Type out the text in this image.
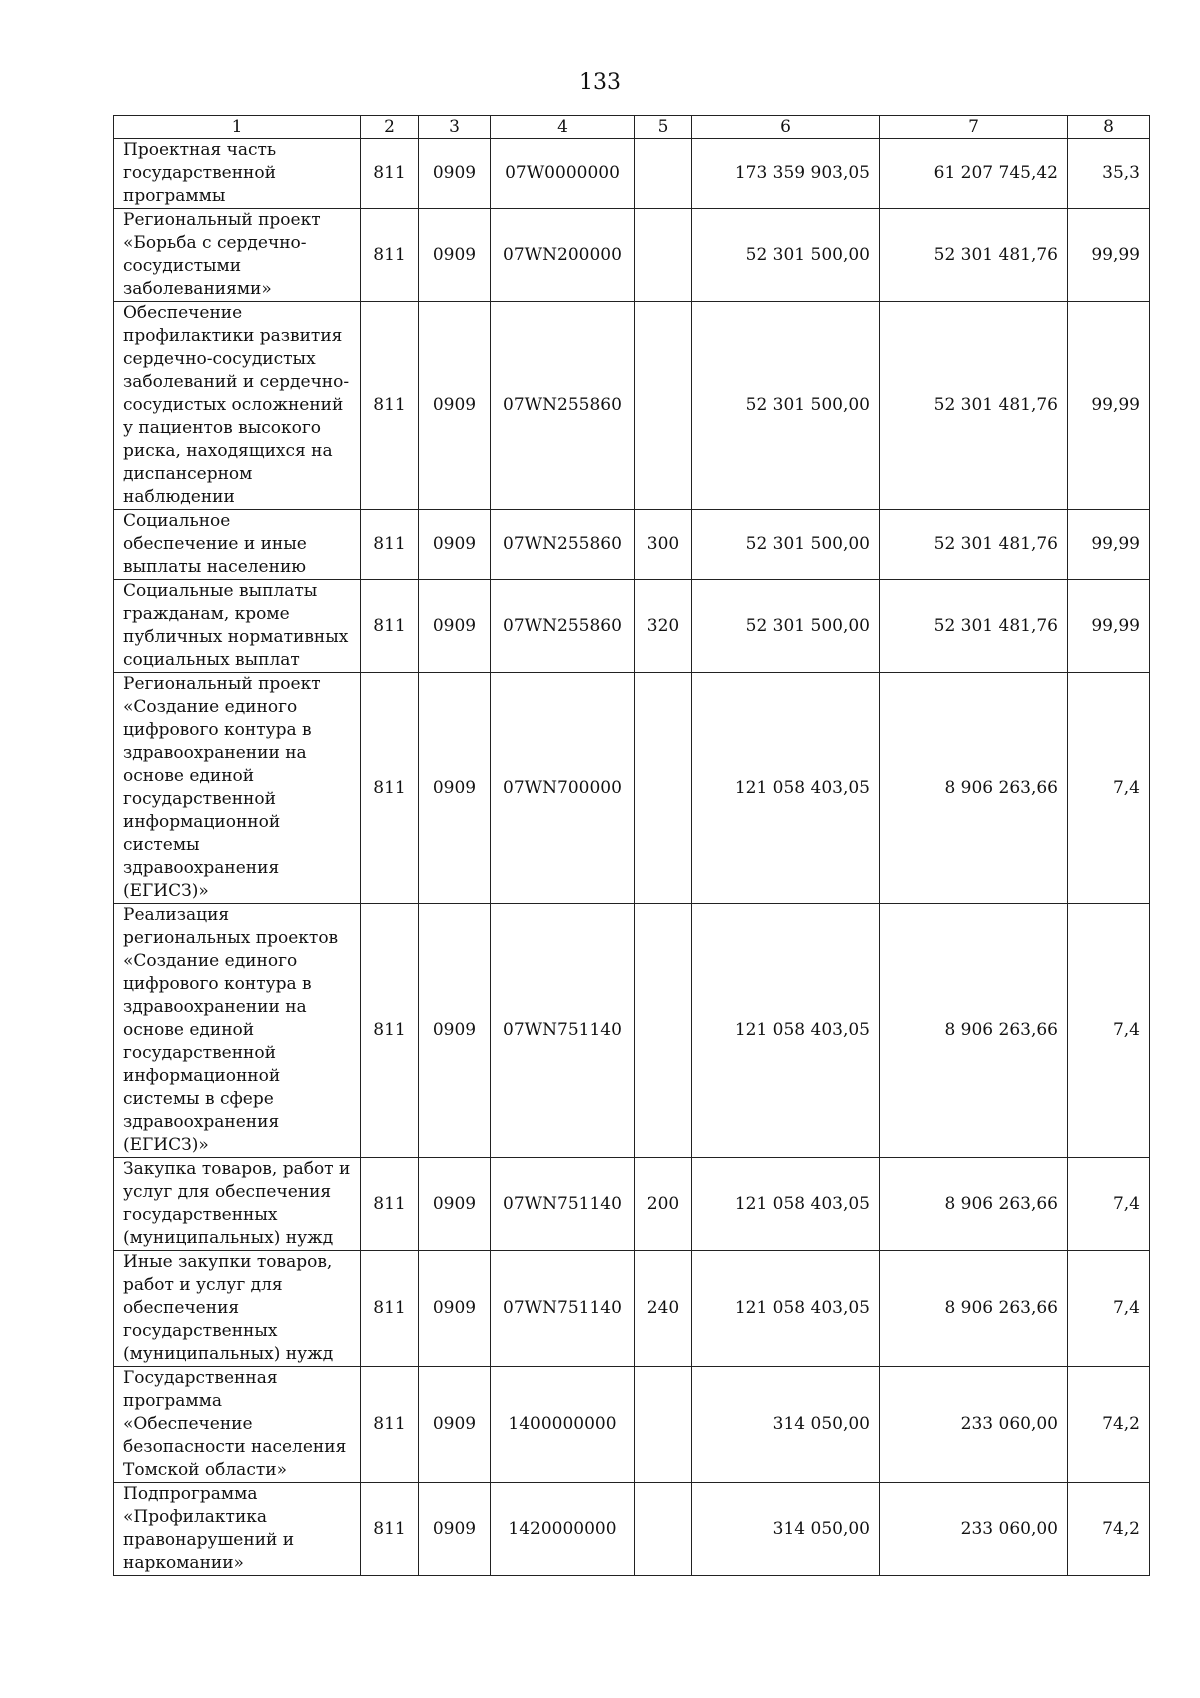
133
1	2	3	4	5	6	7	8
Проектная часть государственной программы	811	0909	07W0000000		173 359 903,05	61 207 745,42	35,3
Региональный проект «Борьба с сердечно-сосудистыми заболеваниями»	811	0909	07WN200000		52 301 500,00	52 301 481,76	99,99
Обеспечение профилактики развития сердечно-сосудистых заболеваний и сердечно-сосудистых осложнений у пациентов высокого риска, находящихся на диспансерном наблюдении	811	0909	07WN255860		52 301 500,00	52 301 481,76	99,99
Социальное обеспечение и иные выплаты населению	811	0909	07WN255860	300	52 301 500,00	52 301 481,76	99,99
Социальные выплаты гражданам, кроме публичных нормативных социальных выплат	811	0909	07WN255860	320	52 301 500,00	52 301 481,76	99,99
Региональный проект «Создание единого цифрового контура в здравоохранении на основе единой государственной информационной системы здравоохранения (ЕГИСЗ)»	811	0909	07WN700000		121 058 403,05	8 906 263,66	7,4
Реализация региональных проектов «Создание единого цифрового контура в здравоохранении на основе единой государственной информационной системы в сфере здравоохранения (ЕГИСЗ)»	811	0909	07WN751140		121 058 403,05	8 906 263,66	7,4
Закупка товаров, работ и услуг для обеспечения государственных (муниципальных) нужд	811	0909	07WN751140	200	121 058 403,05	8 906 263,66	7,4
Иные закупки товаров, работ и услуг для обеспечения государственных (муниципальных) нужд	811	0909	07WN751140	240	121 058 403,05	8 906 263,66	7,4
Государственная программа «Обеспечение безопасности населения Томской области»	811	0909	1400000000		314 050,00	233 060,00	74,2
Подпрограмма «Профилактика правонарушений и наркомании»	811	0909	1420000000		314 050,00	233 060,00	74,2
